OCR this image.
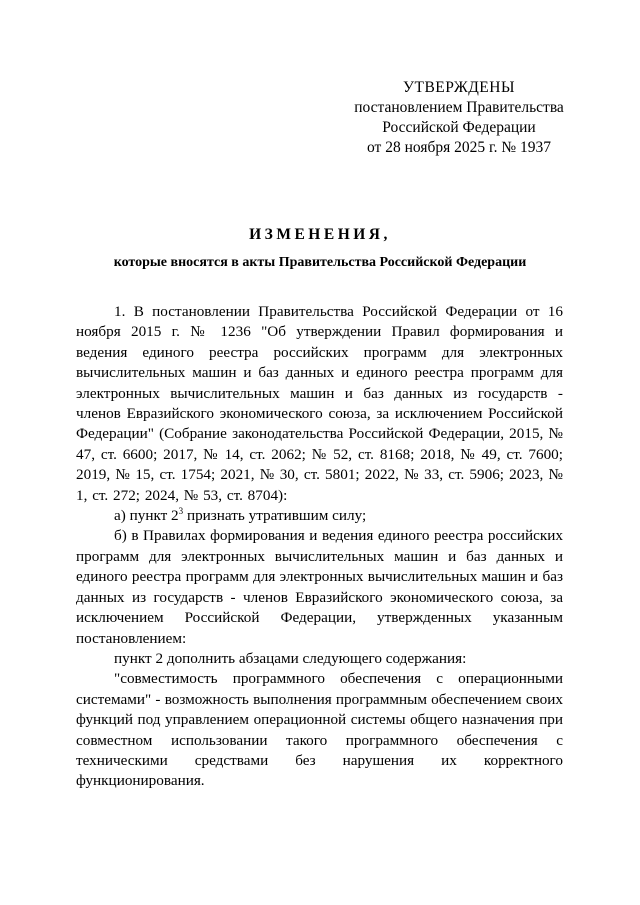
УТВЕРЖДЕНЫ
постановлением Правительства
Российской Федерации
от 28 ноября 2025 г. № 1937
ИЗМЕНЕНИЯ,
которые вносятся в акты Правительства Российской Федерации

1. В постановлении Правительства Российской Федерации от 16 ноября 2015 г. № 1236 "Об утверждении Правил формирования и ведения единого реестра российских программ для электронных вычислительных машин и баз данных и единого реестра программ для электронных вычислительных машин и баз данных из государств - членов Евразийского экономического союза, за исключением Российской Федерации" (Собрание законодательства Российской Федерации, 2015, № 47, ст. 6600; 2017, № 14, ст. 2062; № 52, ст. 8168; 2018, № 49, ст. 7600; 2019, № 15, ст. 1754; 2021, № 30, ст. 5801; 2022, № 33, ст. 5906; 2023, № 1, ст. 272; 2024, № 53, ст. 8704):

а) пункт $2^3$ признать утратившим силу;

б) в Правилах формирования и ведения единого реестра российских программ для электронных вычислительных машин и баз данных и единого реестра программ для электронных вычислительных машин и баз данных из государств - членов Евразийского экономического союза, за исключением Российской Федерации, утвержденных указанным постановлением:

пункт 2 дополнить абзацами следующего содержания:

"совместимость программного обеспечения с операционными системами" - возможность выполнения программным обеспечением своих функций под управлением операционной системы общего назначения при совместном использовании такого программного обеспечения с техническими средствами без нарушения их корректного функционирования.
